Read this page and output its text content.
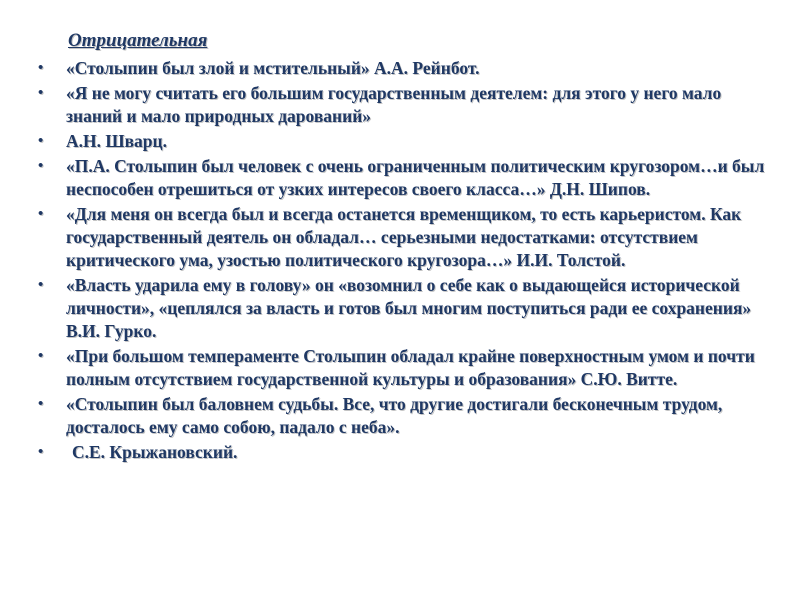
Отрицательная
• «Столыпин был злой и мстительный» А.А. Рейнбот.
• «Я не могу считать его большим государственным деятелем: для этого у него мало знаний и мало природных дарований»
• А.Н. Шварц.
• «П.А. Столыпин был человек с очень ограниченным политическим кругозором…и был неспособен отрешиться от узких интересов своего класса…» Д.Н. Шипов.
• «Для меня он всегда был и всегда останется временщиком, то есть карьеристом. Как государственный деятель он обладал… серьезными недостатками: отсутствием критического ума, узостью политического кругозора…» И.И. Толстой.
• «Власть ударила ему в голову» он «возомнил о себе как о выдающейся исторической личности», «цеплялся за власть и готов был многим поступиться ради ее сохранения» В.И. Гурко.
• «При большом темпераменте Столыпин обладал крайне поверхностным умом и почти полным отсутствием государственной культуры и образования» С.Ю. Витте.
• «Столыпин был баловнем судьбы. Все, что другие достигали бесконечным трудом, досталось ему само собою, падало с неба».
•	С.Е. Крыжановский.
